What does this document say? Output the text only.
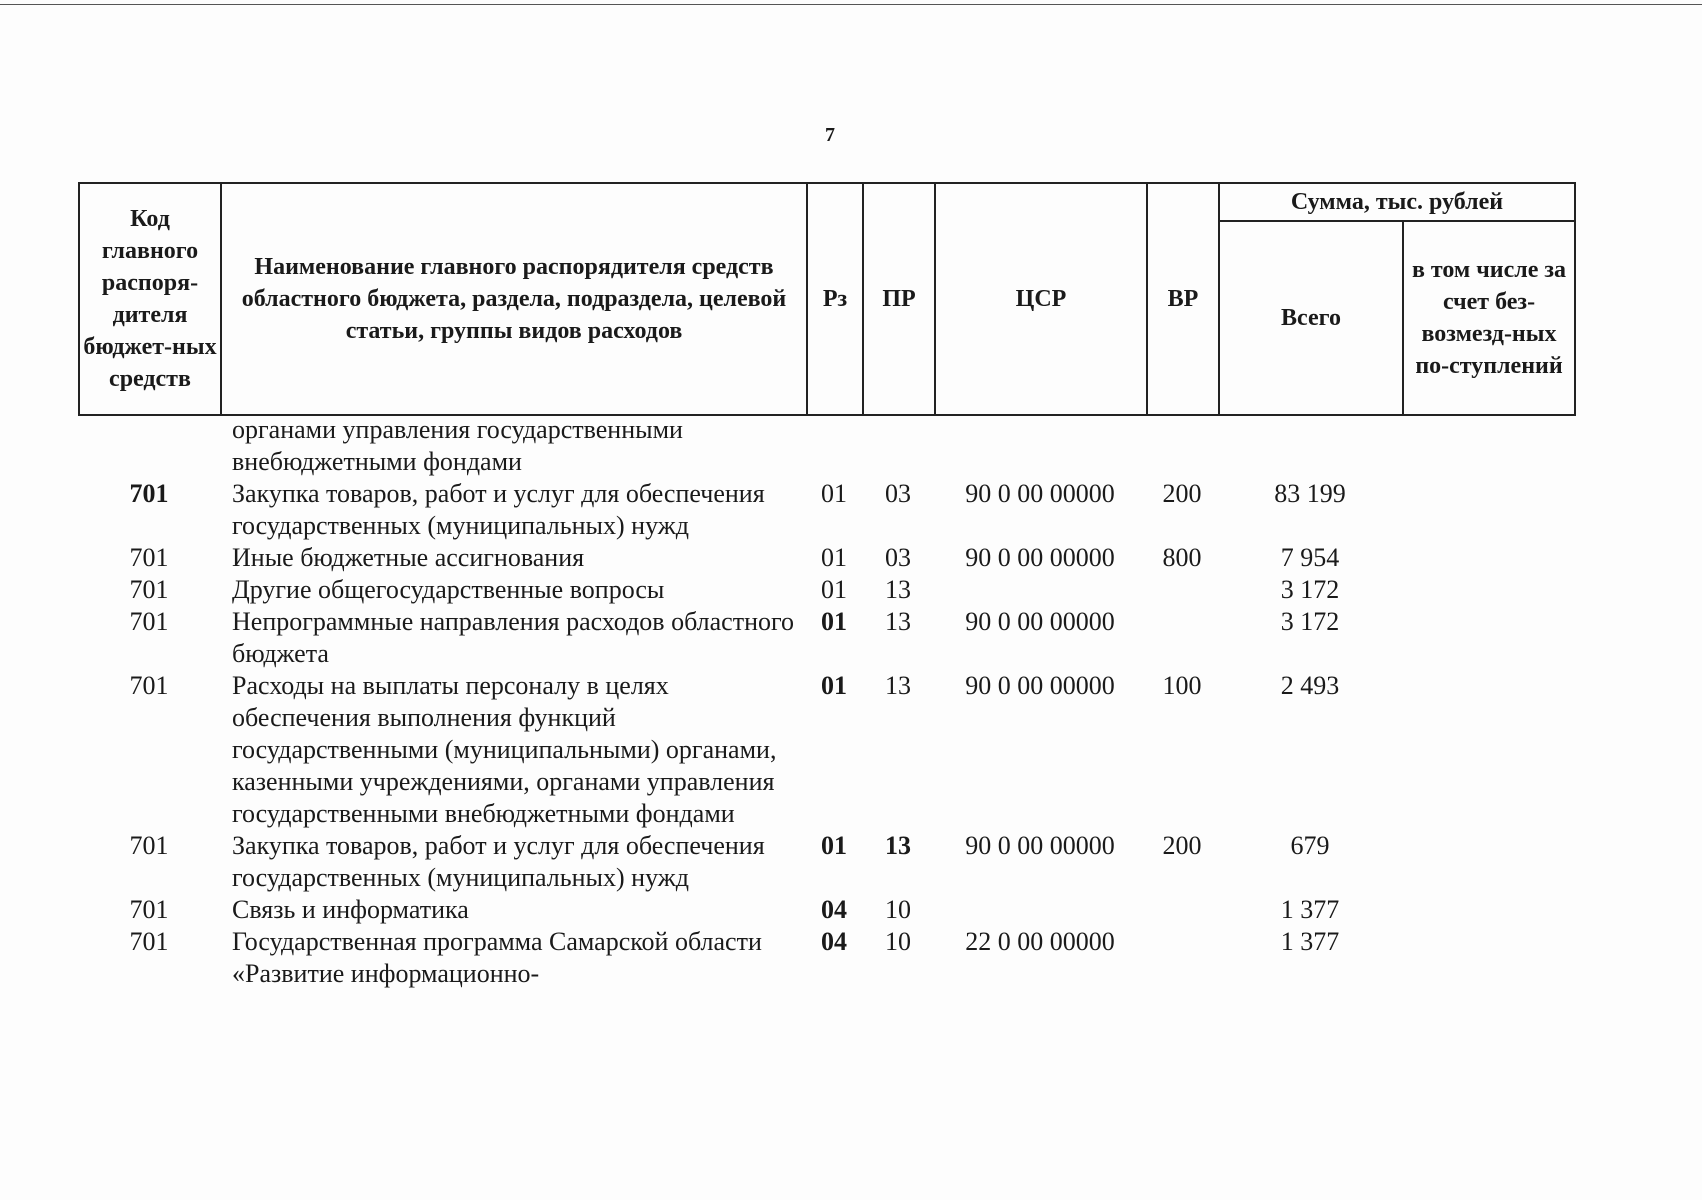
7
Код главного распоря-дителя бюджет-ных средств	Наименование главного распорядителя средств областного бюджета, раздела, подраздела, целевой статьи, группы видов расходов	Рз	ПР	ЦСР	ВР	Сумма, тыс. рублей	
						Всего	в том числе за счет без-возмезд-ных по-ступлений
	органами управления государственными внебюджетными фондами						
701	Закупка товаров, работ и услуг для обеспечения государственных (муниципальных) нужд	01	03	90 0 00 00000	200	83 199	
701	Иные бюджетные ассигнования	01	03	90 0 00 00000	800	7 954	
701	Другие общегосударственные вопросы	01	13			3 172	
701	Непрограммные направления расходов областного бюджета	01	13	90 0 00 00000		3 172	
701	Расходы на выплаты персоналу в целях обеспечения выполнения функций государственными (муниципальными) органами, казенными учреждениями, органами управления государственными внебюджетными фондами	01	13	90 0 00 00000	100	2 493	
701	Закупка товаров, работ и услуг для обеспечения государственных (муниципальных) нужд	01	13	90 0 00 00000	200	679	
701	Связь и информатика	04	10			1 377	
701	Государственная программа Самарской области «Развитие информационно-	04	10	22 0 00 00000		1 377	
